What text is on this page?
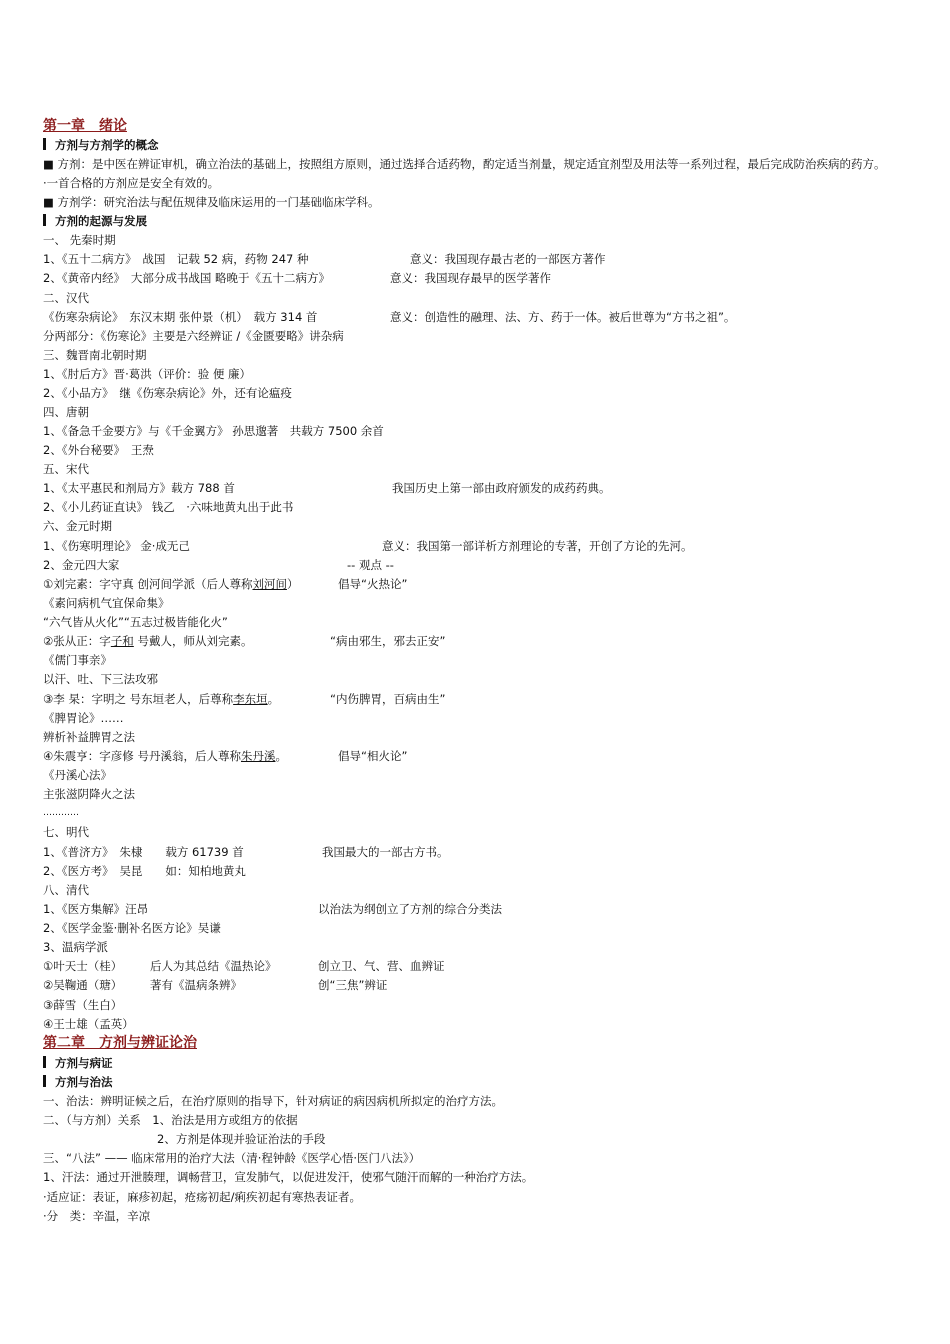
第一章　绪论
方剂与方剂学的概念
■ 方剂：是中医在辨证审机，确立治法的基础上，按照组方原则，通过选择合适药物，酌定适当剂量，规定适宜剂型及用法等一系列过程，最后完成防治疾病的药方。
·一首合格的方剂应是安全有效的。
■ 方剂学：研究治法与配伍规律及临床运用的一门基础临床学科。
方剂的起源与发展
一、 先秦时期
1、《五十二病方》　战国　记载 52 病，药物 247 种	意义：我国现存最古老的一部医方著作
2、《黄帝内经》　大部分成书战国 略晚于《五十二病方》	意义：我国现存最早的医学著作
二、汉代
《伤寒杂病论》　东汉末期 张仲景（机）　载方 314 首	意义：创造性的融理、法、方、药于一体。被后世尊为“方书之祖”。
分两部分：《伤寒论》主要是六经辨证 /《金匮要略》讲杂病
三、魏晋南北朝时期
1、《肘后方》晋·葛洪（评价：验 便 廉）
2、《小品方》　继《伤寒杂病论》外，还有论瘟疫
四、唐朝
1、《备急千金要方》与《千金翼方》 孙思邈著　共载方 7500 余首
2、《外台秘要》　王焘
五、宋代
1、《太平惠民和剂局方》载方 788 首	我国历史上第一部由政府颁发的成药药典。
2、《小儿药证直诀》 钱乙　·六味地黄丸出于此书
六、金元时期
1、《伤寒明理论》 金·成无己	意义：我国第一部详析方剂理论的专著，开创了方论的先河。
2、金元四大家	-- 观点 --
①刘完素：字守真 创河间学派（后人尊称刘河间）	倡导“火热论”
《素问病机气宜保命集》
“六气皆从火化”“五志过极皆能化火”
②张从正：字子和 号戴人，师从刘完素。	“病由邪生，邪去正安”
《儒门事亲》
以汗、吐、下三法攻邪
③李 杲：字明之 号东垣老人，后尊称李东垣。	“内伤脾胃，百病由生”
《脾胃论》……
辨析补益脾胃之法
④朱震亨：字彦修 号丹溪翁，后人尊称朱丹溪。	倡导“相火论”
《丹溪心法》
主张滋阴降火之法
…………
七、明代
1、《普济方》　朱棣　　载方 61739 首	我国最大的一部古方书。
2、《医方考》　吴昆　　如：知柏地黄丸
八、清代
1、《医方集解》汪昂	以治法为纲创立了方剂的综合分类法
2、《医学金鉴·删补名医方论》吴谦
3、温病学派
①叶天士（桂） 后人为其总结《温热论》	创立卫、气、营、血辨证
②吴鞠通（瑭） 著有《温病条辨》	创“三焦”辨证
③薛雪（生白）
④王士雄（孟英）
第二章　方剂与辨证论治
方剂与病证
方剂与治法
一、治法：辨明证候之后，在治疗原则的指导下，针对病证的病因病机所拟定的治疗方法。
二、（与方剂）关系　1、治法是用方或组方的依据
2、方剂是体现并验证治法的手段
三、“八法” —— 临床常用的治疗大法（清·程钟龄《医学心悟·医门八法》）
1、汗法：通过开泄腠理，调畅营卫，宣发肺气，以促进发汗，使邪气随汗而解的一种治疗方法。
·适应证：表证，麻疹初起，疮疡初起/痢疾初起有寒热表证者。
·分　类：辛温，辛凉
